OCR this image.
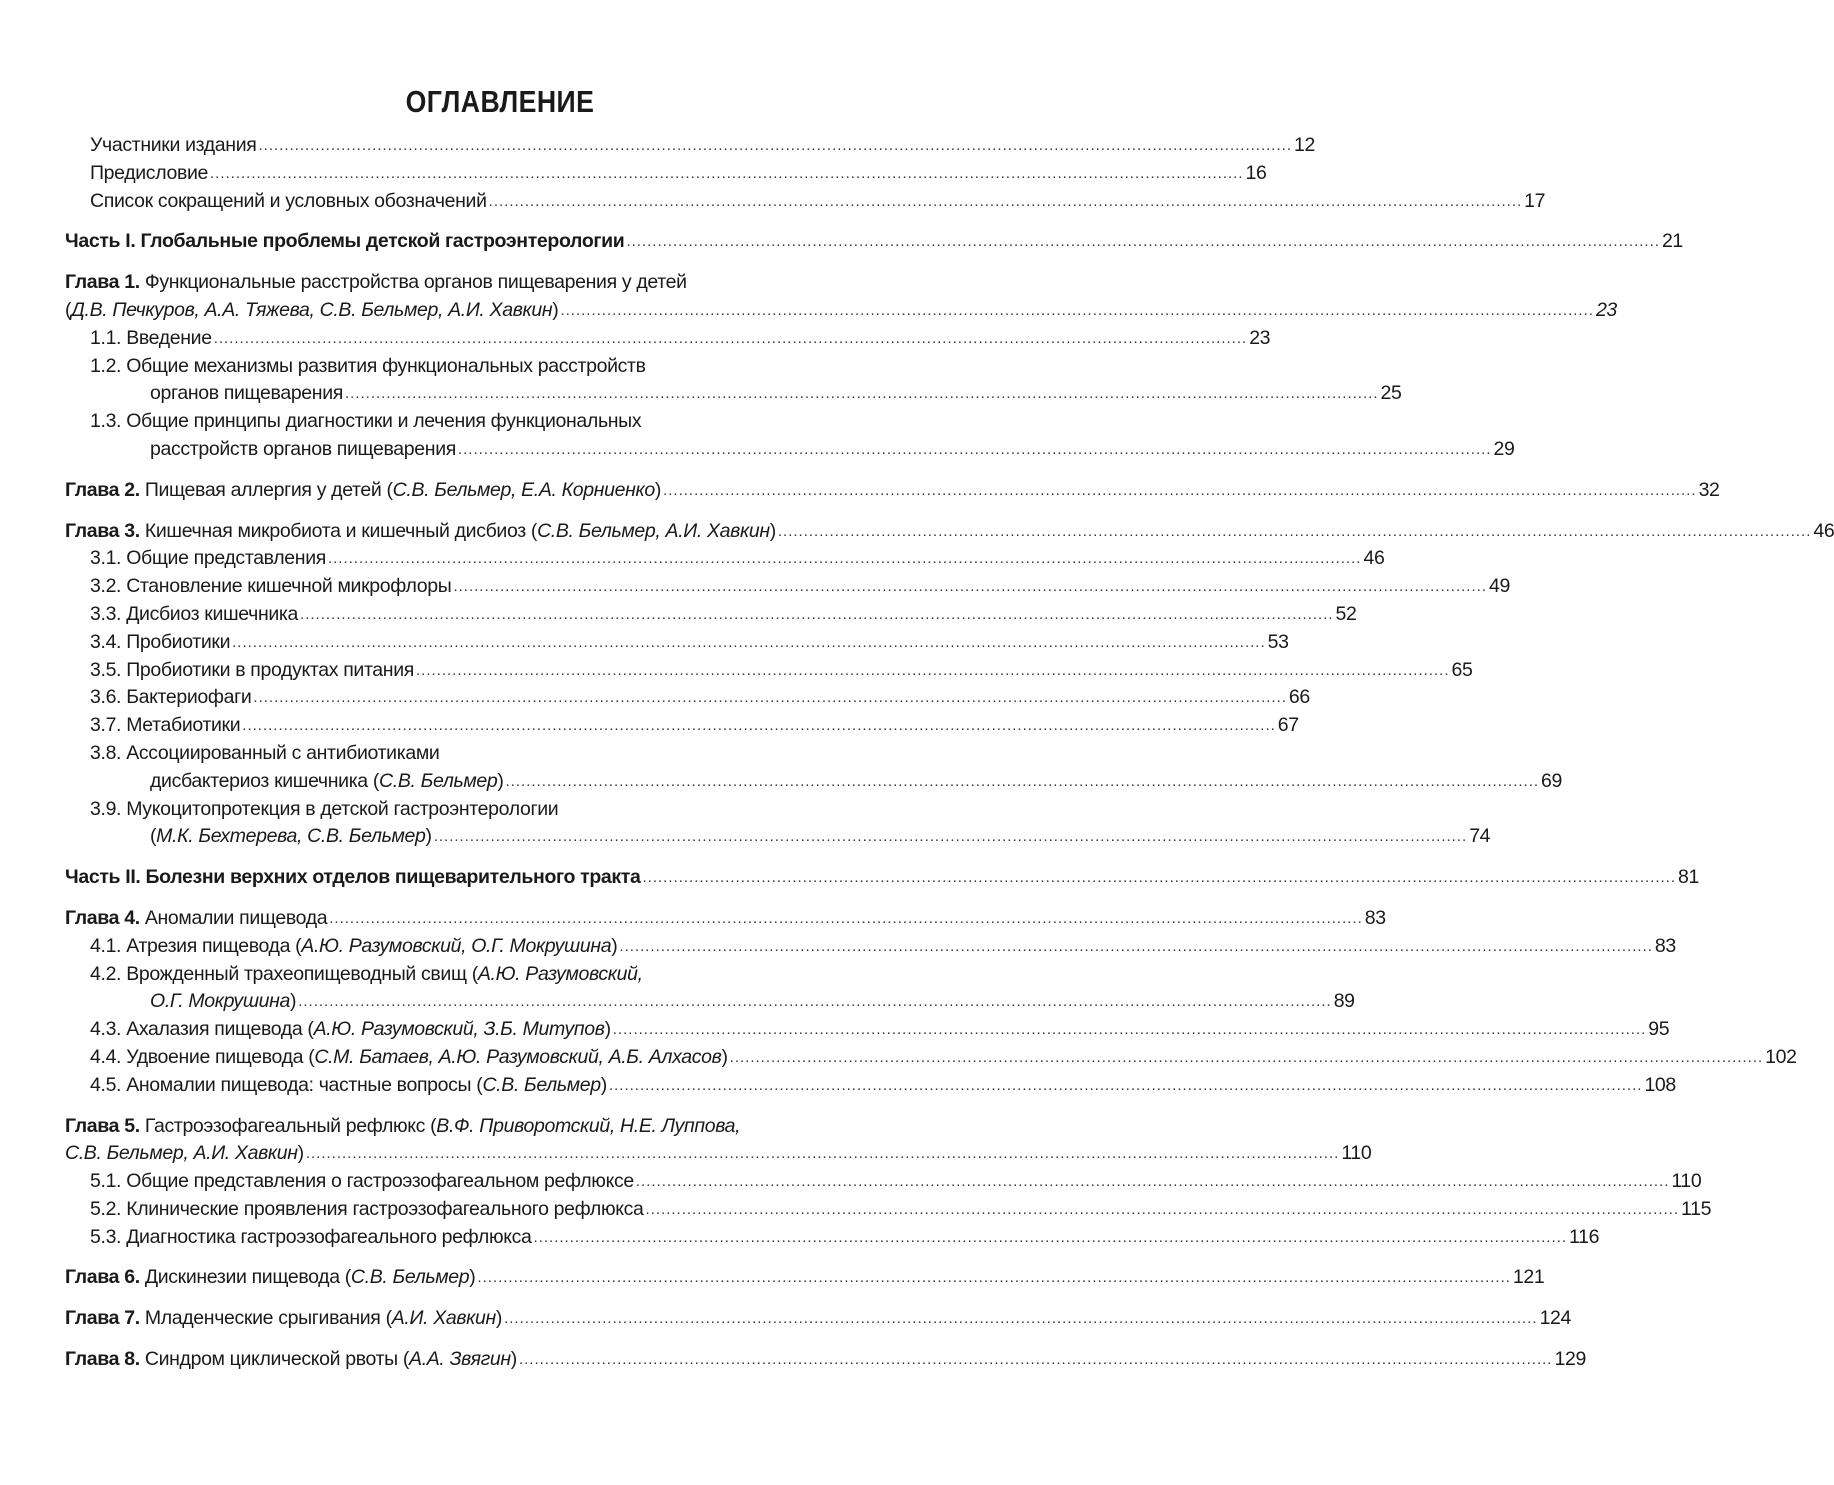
ОГЛАВЛЕНИЕ
Участники издания ........................................................................................................................................................................................................ 12
Предисловие ........................................................................................................................................................................................................ 16
Список сокращений и условных обозначений ........................................................................................................................................................................................................ 17
Часть I. Глобальные проблемы детской гастроэнтерологии ........................................................................................................................................................................................................ 21
Глава 1. Функциональные расстройства органов пищеварения у детей
(Д.В. Печкуров, А.А. Тяжева, С.В. Бельмер, А.И. Хавкин) ........................................................................................................................................................................................................ 23
1.1. Введение ........................................................................................................................................................................................................ 23
1.2. Общие механизмы развития функциональных расстройств
органов пищеварения ........................................................................................................................................................................................................ 25
1.3. Общие принципы диагностики и лечения функциональных
расстройств органов пищеварения ........................................................................................................................................................................................................ 29
Глава 2. Пищевая аллергия у детей (С.В. Бельмер, Е.А. Корниенко) ........................................................................................................................................................................................................ 32
Глава 3. Кишечная микробиота и кишечный дисбиоз (С.В. Бельмер, А.И. Хавкин) ........................................................................................................................................................................................................ 46
3.1. Общие представления ........................................................................................................................................................................................................ 46
3.2. Становление кишечной микрофлоры ........................................................................................................................................................................................................ 49
3.3. Дисбиоз кишечника ........................................................................................................................................................................................................ 52
3.4. Пробиотики ........................................................................................................................................................................................................ 53
3.5. Пробиотики в продуктах питания ........................................................................................................................................................................................................ 65
3.6. Бактериофаги ........................................................................................................................................................................................................ 66
3.7. Метабиотики ........................................................................................................................................................................................................ 67
3.8. Ассоциированный с антибиотиками
дисбактериоз кишечника (С.В. Бельмер) ........................................................................................................................................................................................................ 69
3.9. Мукоцитопротекция в детской гастроэнтерологии
(М.К. Бехтерева, С.В. Бельмер) ........................................................................................................................................................................................................ 74
Часть II. Болезни верхних отделов пищеварительного тракта ........................................................................................................................................................................................................ 81
Глава 4. Аномалии пищевода ........................................................................................................................................................................................................ 83
4.1. Атрезия пищевода (А.Ю. Разумовский, О.Г. Мокрушина) ........................................................................................................................................................................................................ 83
4.2. Врожденный трахеопищеводный свищ (А.Ю. Разумовский,
О.Г. Мокрушина) ........................................................................................................................................................................................................ 89
4.3. Ахалазия пищевода (А.Ю. Разумовский, З.Б. Митупов) ........................................................................................................................................................................................................ 95
4.4. Удвоение пищевода (С.М. Батаев, А.Ю. Разумовский, А.Б. Алхасов) ........................................................................................................................................................................................................ 102
4.5. Аномалии пищевода: частные вопросы (С.В. Бельмер) ........................................................................................................................................................................................................ 108
Глава 5. Гастроэзофагеальный рефлюкс (В.Ф. Приворотский, Н.Е. Луппова,
С.В. Бельмер, А.И. Хавкин) ........................................................................................................................................................................................................ 110
5.1. Общие представления о гастроэзофагеальном рефлюксе ........................................................................................................................................................................................................ 110
5.2. Клинические проявления гастроэзофагеального рефлюкса ........................................................................................................................................................................................................ 115
5.3. Диагностика гастроэзофагеального рефлюкса ........................................................................................................................................................................................................ 116
Глава 6. Дискинезии пищевода (С.В. Бельмер) ........................................................................................................................................................................................................ 121
Глава 7. Младенческие срыгивания (А.И. Хавкин) ........................................................................................................................................................................................................ 124
Глава 8. Синдром циклической рвоты (А.А. Звягин) ........................................................................................................................................................................................................ 129
